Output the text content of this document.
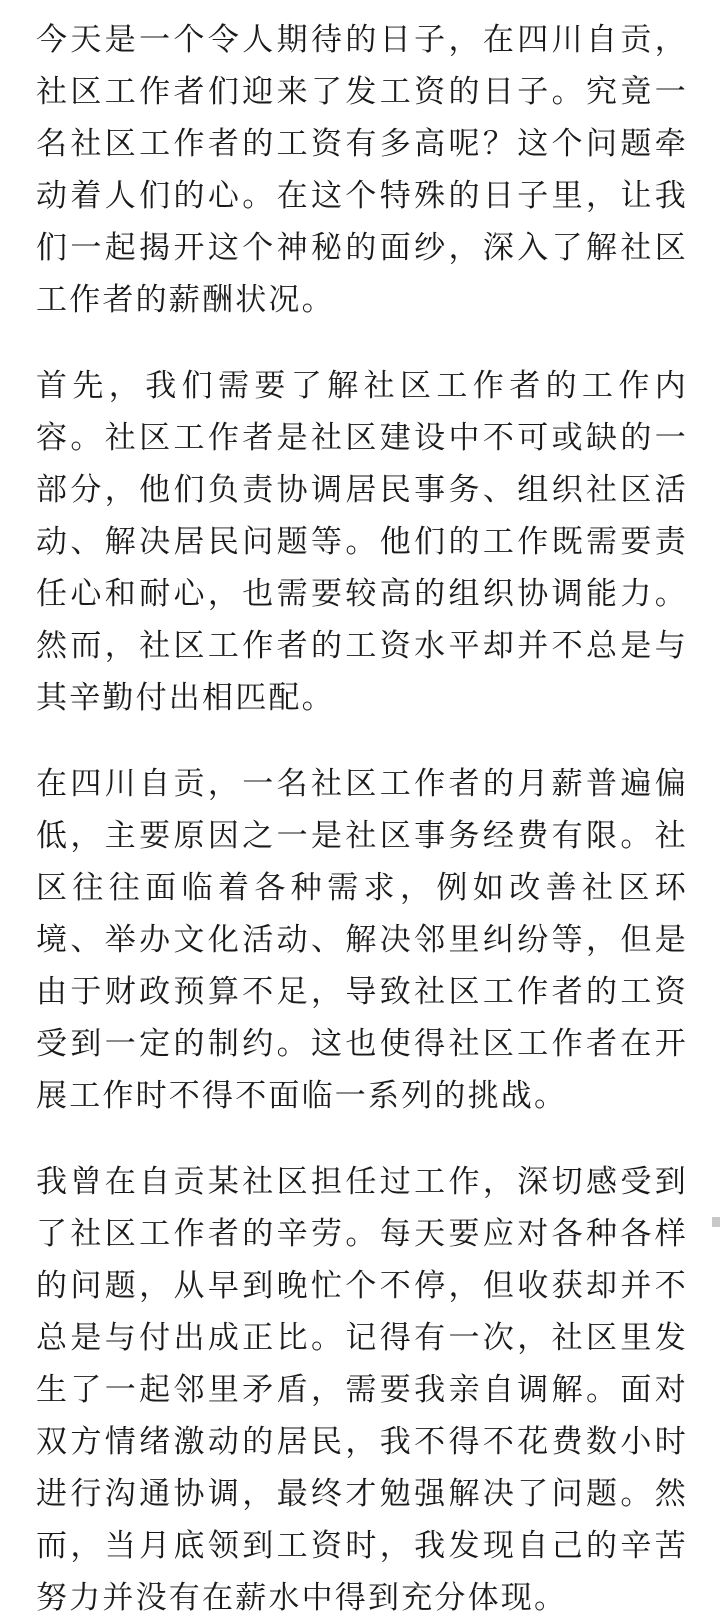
今天是一个令人期待的日子，在四川自贡，社区工作者们迎来了发工资的日子。究竟一名社区工作者的工资有多高呢？这个问题牵动着人们的心。在这个特殊的日子里，让我们一起揭开这个神秘的面纱，深入了解社区工作者的薪酬状况。

首先，我们需要了解社区工作者的工作内容。社区工作者是社区建设中不可或缺的一部分，他们负责协调居民事务、组织社区活动、解决居民问题等。他们的工作既需要责任心和耐心，也需要较高的组织协调能力。然而，社区工作者的工资水平却并不总是与其辛勤付出相匹配。

在四川自贡，一名社区工作者的月薪普遍偏低，主要原因之一是社区事务经费有限。社区往往面临着各种需求，例如改善社区环境、举办文化活动、解决邻里纠纷等，但是由于财政预算不足，导致社区工作者的工资受到一定的制约。这也使得社区工作者在开展工作时不得不面临一系列的挑战。

我曾在自贡某社区担任过工作，深切感受到了社区工作者的辛劳。每天要应对各种各样的问题，从早到晚忙个不停，但收获却并不总是与付出成正比。记得有一次，社区里发生了一起邻里矛盾，需要我亲自调解。面对双方情绪激动的居民，我不得不花费数小时进行沟通协调，最终才勉强解决了问题。然而，当月底领到工资时，我发现自己的辛苦努力并没有在薪水中得到充分体现。
